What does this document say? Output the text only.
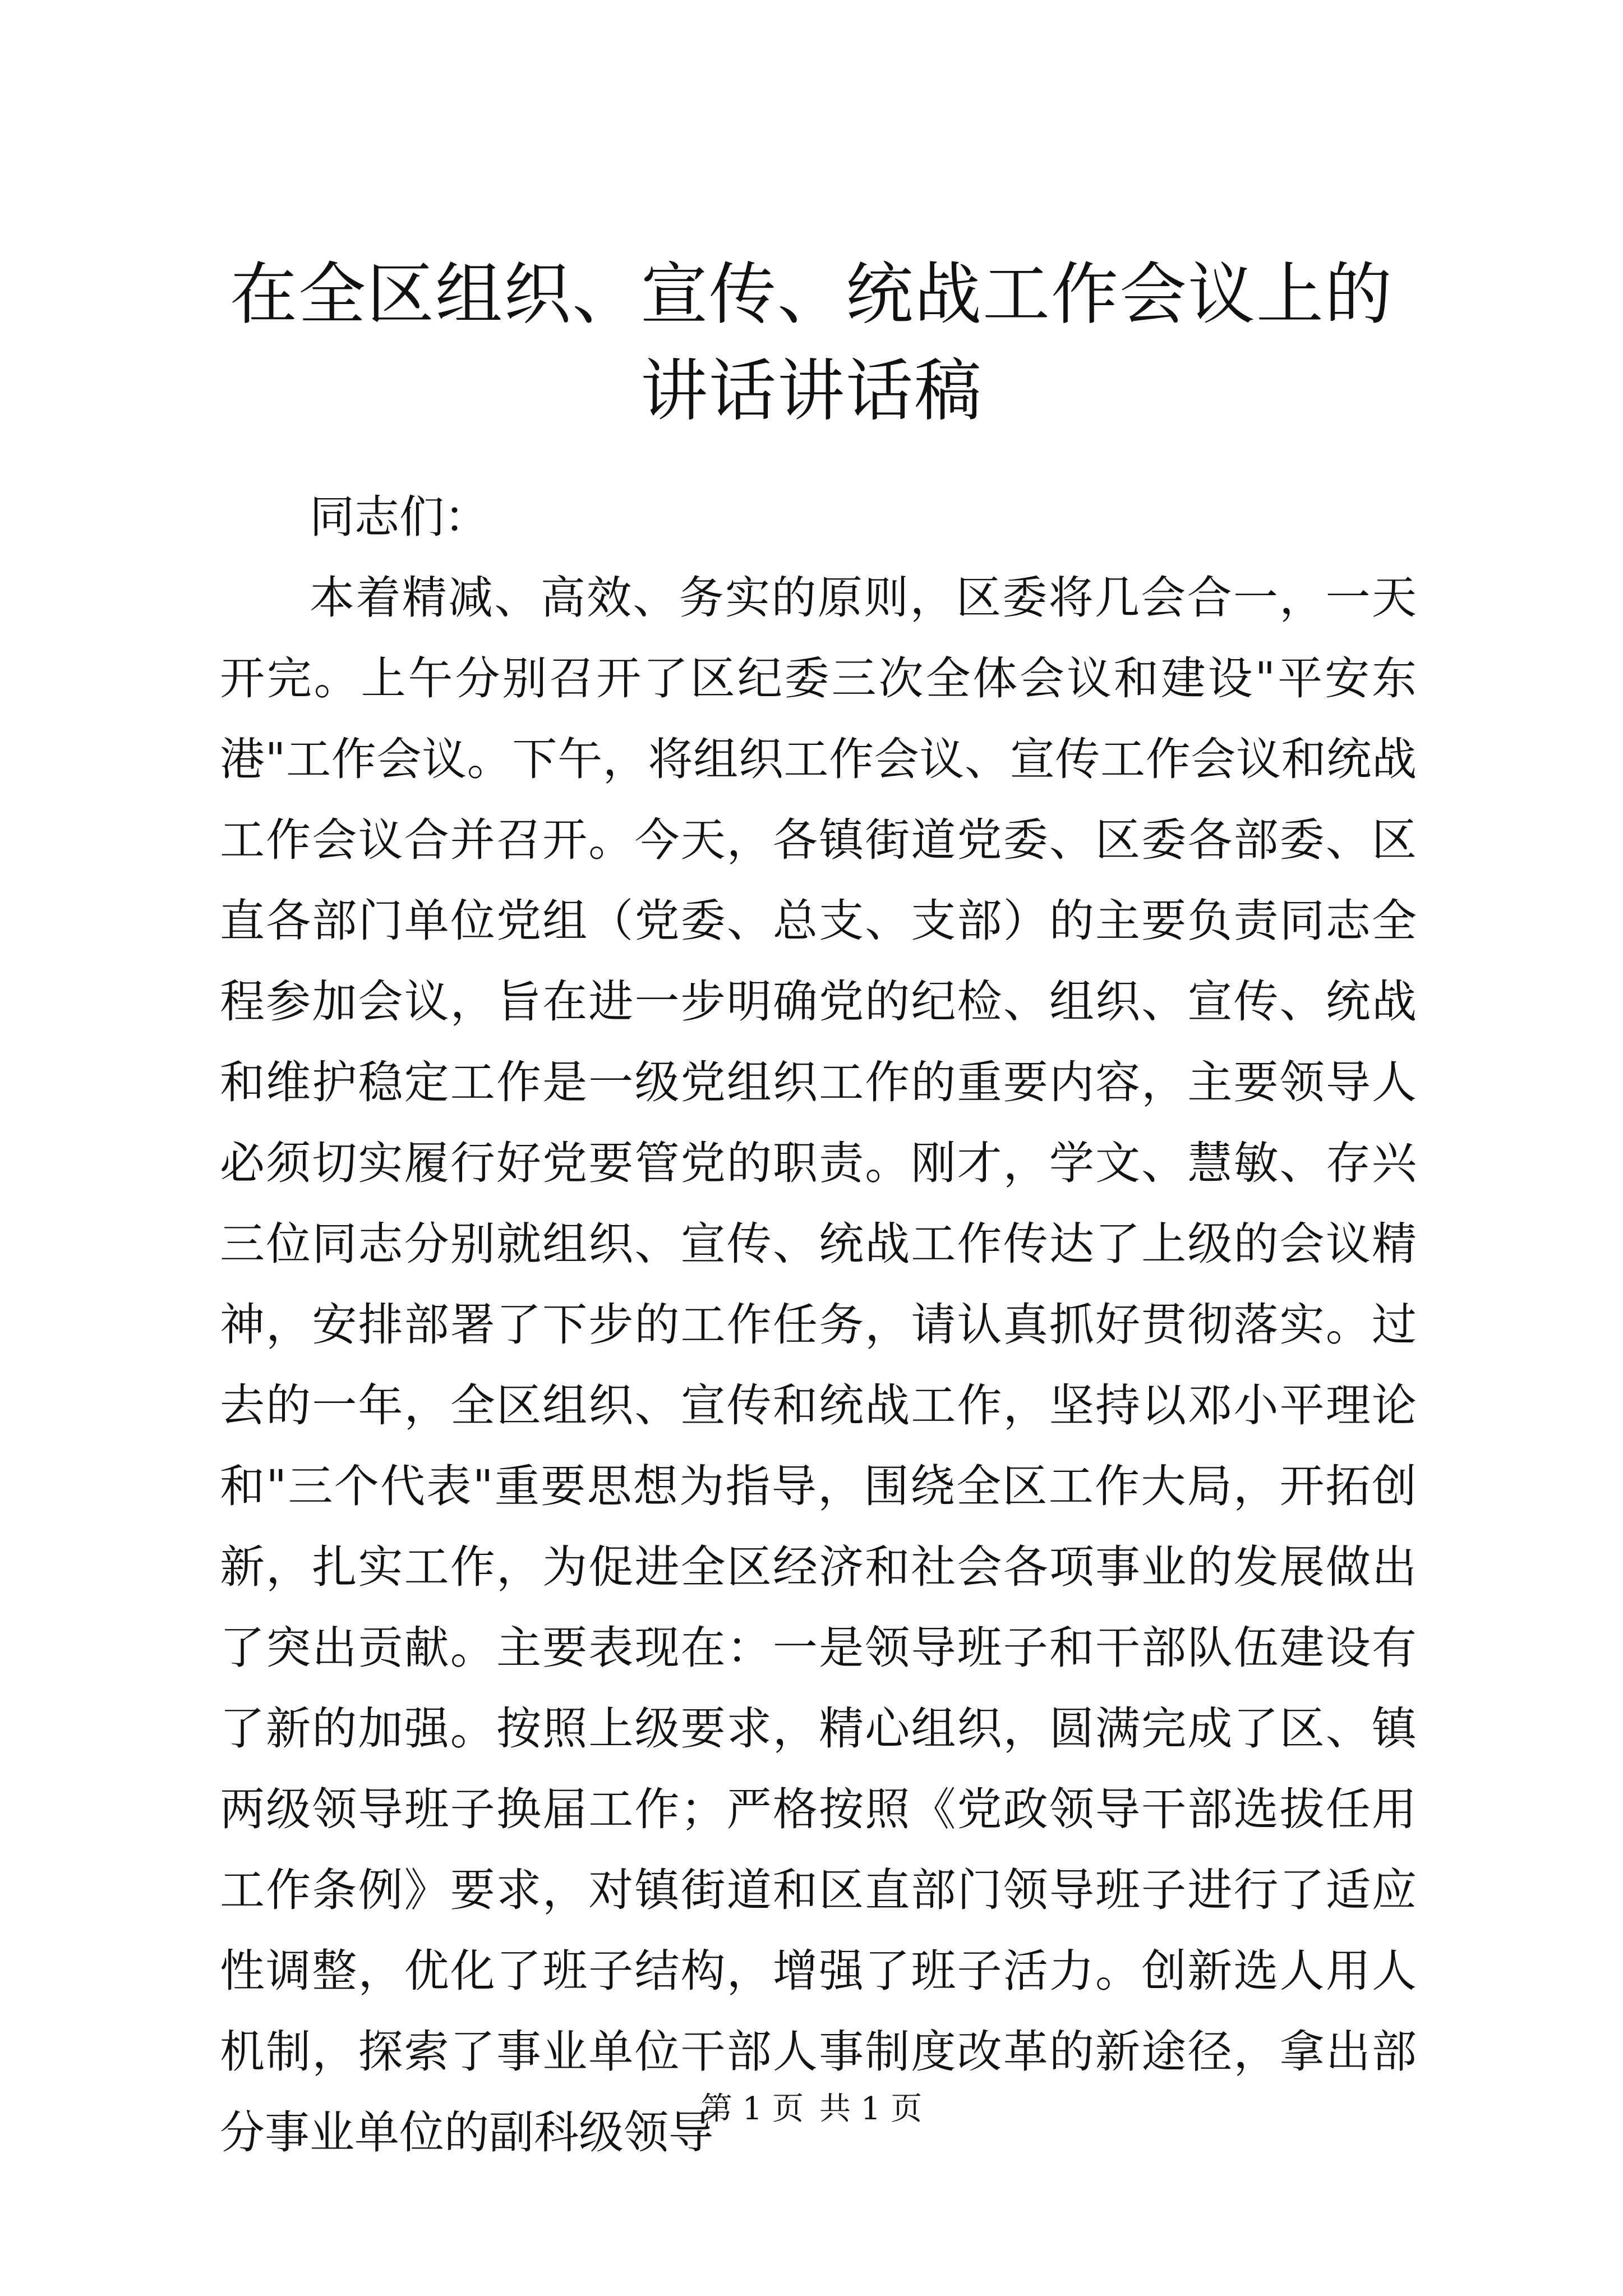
在全区组织、宣传、统战工作会议上的讲话讲话稿

同志们：

本着精减、高效、务实的原则，区委将几会合一，一天开完。上午分别召开了区纪委三次全体会议和建设"平安东港"工作会议。下午，将组织工作会议、宣传工作会议和统战工作会议合并召开。今天，各镇街道党委、区委各部委、区直各部门单位党组（党委、总支、支部）的主要负责同志全程参加会议，旨在进一步明确党的纪检、组织、宣传、统战和维护稳定工作是一级党组织工作的重要内容，主要领导人必须切实履行好党要管党的职责。刚才，学文、慧敏、存兴三位同志分别就组织、宣传、统战工作传达了上级的会议精神，安排部署了下步的工作任务，请认真抓好贯彻落实。过去的一年，全区组织、宣传和统战工作，坚持以邓小平理论和"三个代表"重要思想为指导，围绕全区工作大局，开拓创新，扎实工作，为促进全区经济和社会各项事业的发展做出了突出贡献。主要表现在：一是领导班子和干部队伍建设有了新的加强。按照上级要求，精心组织，圆满完成了区、镇两级领导班子换届工作；严格按照《党政领导干部选拔任用工作条例》要求，对镇街道和区直部门领导班子进行了适应性调整，优化了班子结构，增强了班子活力。创新选人用人机制，探索了事业单位干部人事制度改革的新途径，拿出部分事业单位的副科级领导

第 1 页 共 1 页
